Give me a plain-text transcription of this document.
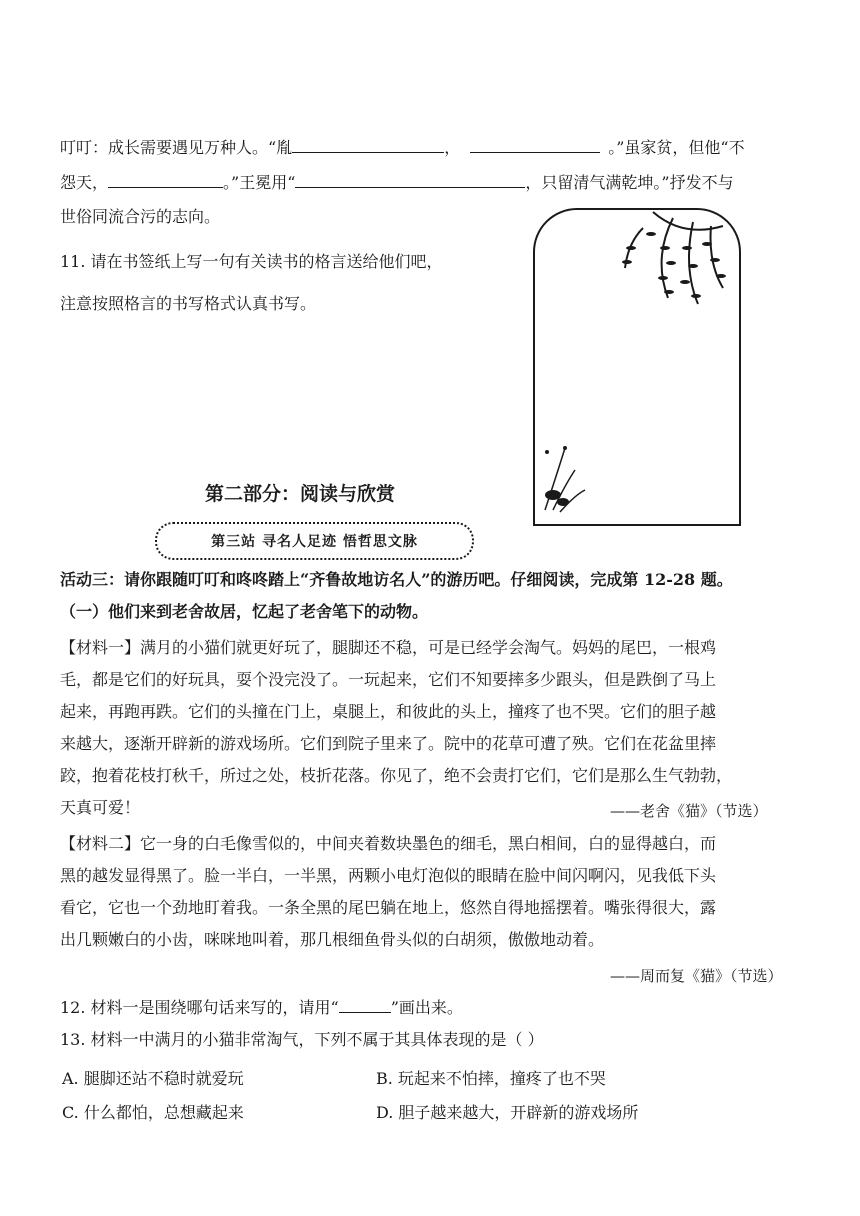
叮叮：成长需要遇见万种人。“胤	，	。”虽家贫，但他“不
怨天，	。”王冕用“	，只留清气满乾坤。”抒发不与
世俗同流合污的志向。
11. 请在书签纸上写一句有关读书的格言送给他们吧，
注意按照格言的书写格式认真书写。
第二部分：阅读与欣赏
第三站 寻名人足迹 悟哲思文脉
活动三：请你跟随叮叮和咚咚踏上“齐鲁故地访名人”的游历吧。仔细阅读，完成第 12-28 题。
（一）他们来到老舍故居，忆起了老舍笔下的动物。
【材料一】满月的小猫们就更好玩了，腿脚还不稳，可是已经学会淘气。妈妈的尾巴，一根鸡
毛，都是它们的好玩具，耍个没完没了。一玩起来，它们不知要摔多少跟头，但是跌倒了马上
起来，再跑再跌。它们的头撞在门上，桌腿上，和彼此的头上，撞疼了也不哭。它们的胆子越
来越大，逐渐开辟新的游戏场所。它们到院子里来了。院中的花草可遭了殃。它们在花盆里摔
跤，抱着花枝打秋千，所过之处，枝折花落。你见了，绝不会责打它们，它们是那么生气勃勃，
天真可爱！	——老舍《猫》（节选）
【材料二】它一身的白毛像雪似的，中间夹着数块墨色的细毛，黑白相间，白的显得越白，而
黑的越发显得黑了。脸一半白，一半黑，两颗小电灯泡似的眼睛在脸中间闪啊闪，见我低下头
看它，它也一个劲地盯着我。一条全黑的尾巴躺在地上，悠然自得地摇摆着。嘴张得很大，露
出几颗嫩白的小齿，咪咪地叫着，那几根细鱼骨头似的白胡须，傲傲地动着。
——周而复《猫》（节选）
12. 材料一是围绕哪句话来写的，请用“	”画出来。
13. 材料一中满月的小猫非常淘气，下列不属于其具体表现的是（ ）
A. 腿脚还站不稳时就爱玩	B. 玩起来不怕摔，撞疼了也不哭
C. 什么都怕，总想藏起来	D. 胆子越来越大，开辟新的游戏场所
